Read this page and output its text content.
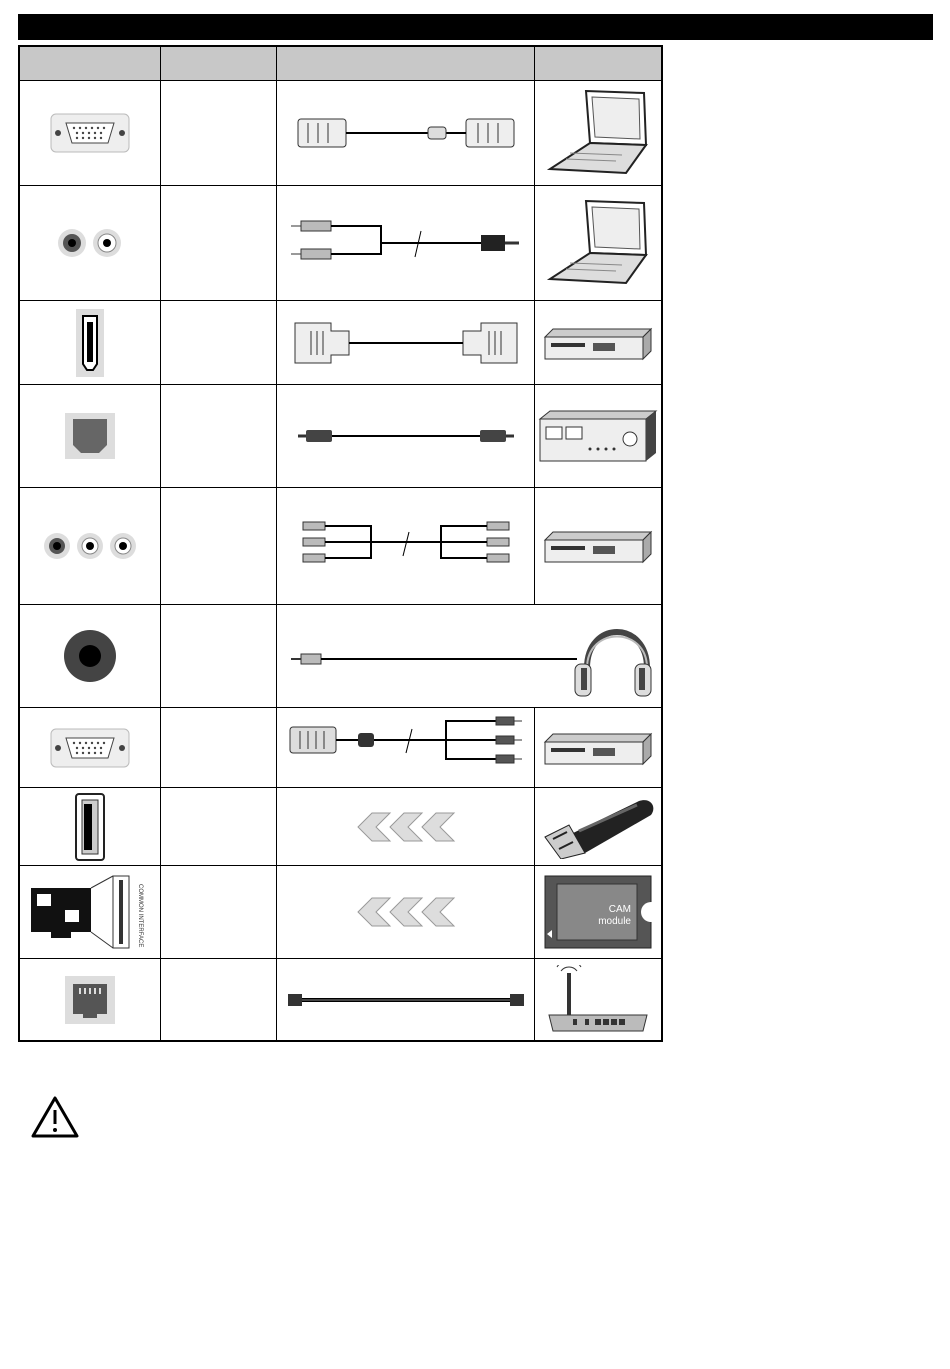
COMMON INTERFACE	CAM
module
